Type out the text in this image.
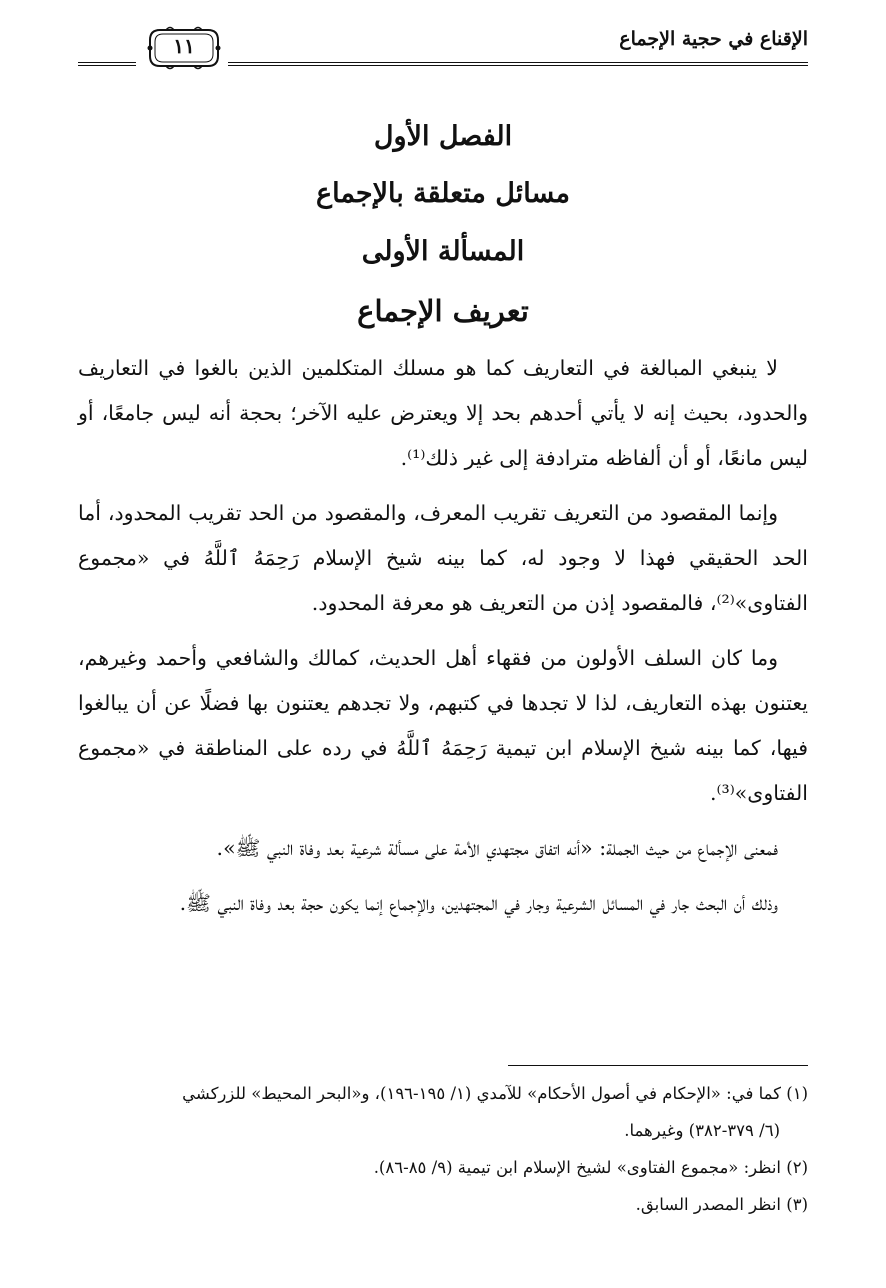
الإقناع في حجية الإجماع
١١
الفصل الأول
مسائل متعلقة بالإجماع
المسألة الأولى
تعريف الإجماع

لا ينبغي المبالغة في التعاريف كما هو مسلك المتكلمين الذين بالغوا في التعاريف والحدود، بحيث إنه لا يأتي أحدهم بحد إلا ويعترض عليه الآخر؛ بحجة أنه ليس جامعًا، أو ليس مانعًا، أو أن ألفاظه مترادفة إلى غير ذلك⁽¹⁾.

وإنما المقصود من التعريف تقريب المعرف، والمقصود من الحد تقريب المحدود، أما الحد الحقيقي فهذا لا وجود له، كما بينه شيخ الإسلام رَحِمَهُ ٱللَّهُ في «مجموع الفتاوى»⁽²⁾، فالمقصود إذن من التعريف هو معرفة المحدود.

وما كان السلف الأولون من فقهاء أهل الحديث، كمالك والشافعي وأحمد وغيرهم، يعتنون بهذه التعاريف، لذا لا تجدها في كتبهم، ولا تجدهم يعتنون بها فضلًا عن أن يبالغوا فيها، كما بينه شيخ الإسلام ابن تيمية رَحِمَهُ ٱللَّهُ في رده على المناطقة في «مجموع الفتاوى»⁽³⁾.

فمعنى الإجماع من حيث الجملة: «أنه اتفاق مجتهدي الأمة على مسألة شرعية بعد وفاة النبي ﷺ».

وذلك أن البحث جار في المسائل الشرعية وجار في المجتهدين، والإجماع إنما يكون حجة بعد وفاة النبي ﷺ.

(١) كما في: «الإحكام في أصول الأحكام» للآمدي (١/ ١٩٥-١٩٦)، و«البحر المحيط» للزركشي

(٦/ ٣٧٩-٣٨٢) وغيرهما.

(٢) انظر: «مجموع الفتاوى» لشيخ الإسلام ابن تيمية (٩/ ٨٥-٨٦).

(٣) انظر المصدر السابق.
